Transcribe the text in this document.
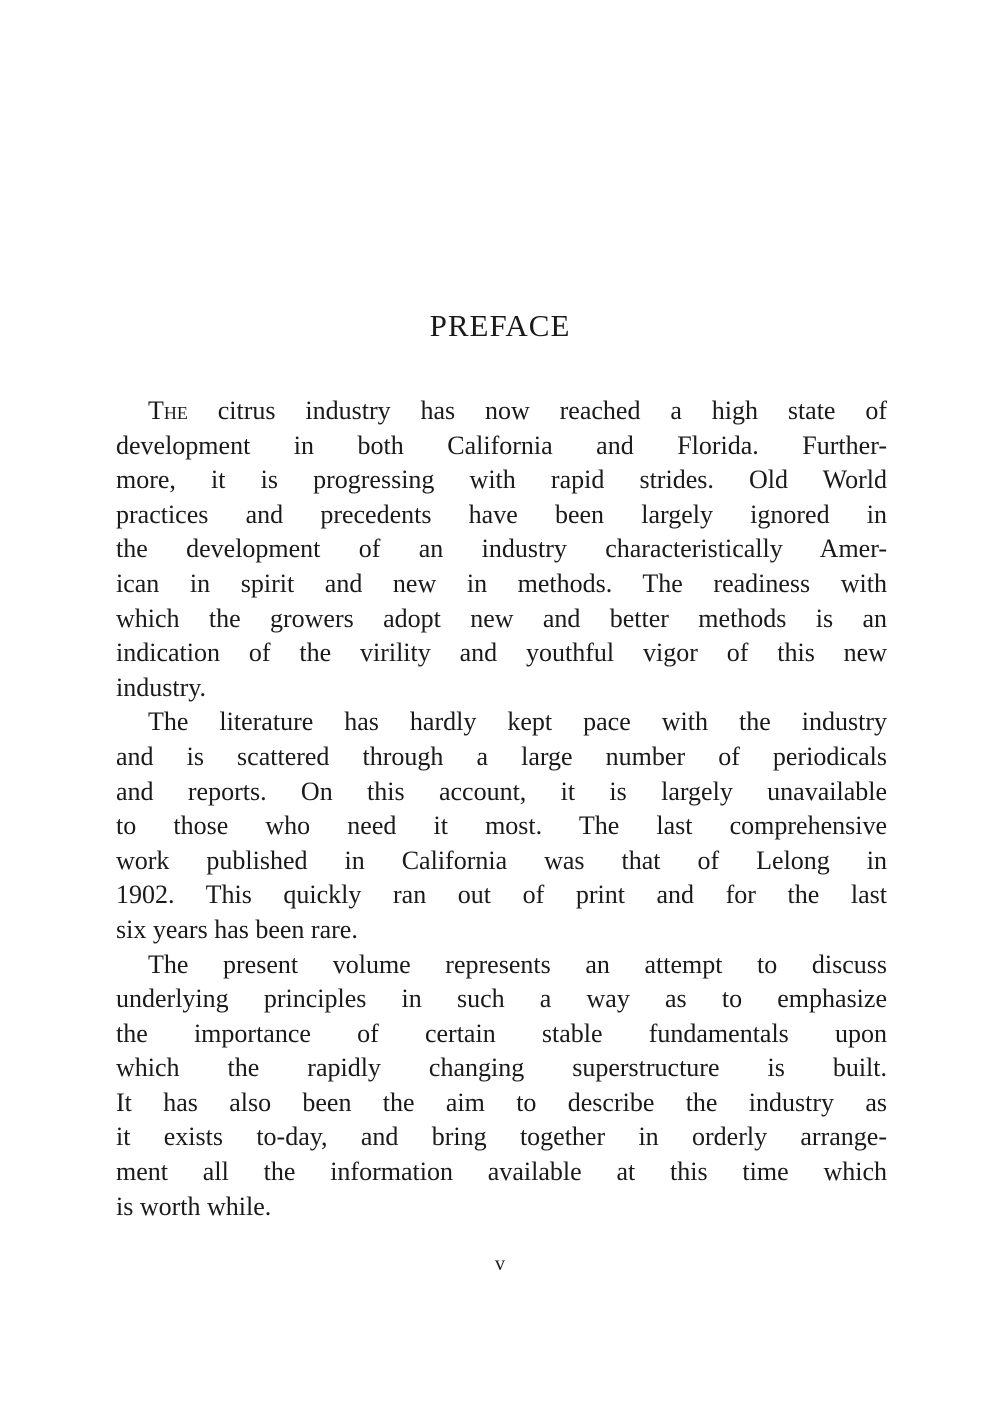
PREFACE
The citrus industry has now reached a high state of
development in both California and Florida. Further-
more, it is progressing with rapid strides. Old World
practices and precedents have been largely ignored in
the development of an industry characteristically Amer-
ican in spirit and new in methods. The readiness with
which the growers adopt new and better methods is an
indication of the virility and youthful vigor of this new
industry.
The literature has hardly kept pace with the industry
and is scattered through a large number of periodicals
and reports. On this account, it is largely unavailable
to those who need it most. The last comprehensive
work published in California was that of Lelong in
1902. This quickly ran out of print and for the last
six years has been rare.
The present volume represents an attempt to discuss
underlying principles in such a way as to emphasize
the importance of certain stable fundamentals upon
which the rapidly changing superstructure is built.
It has also been the aim to describe the industry as
it exists to-day, and bring together in orderly arrange-
ment all the information available at this time which
is worth while.
v
